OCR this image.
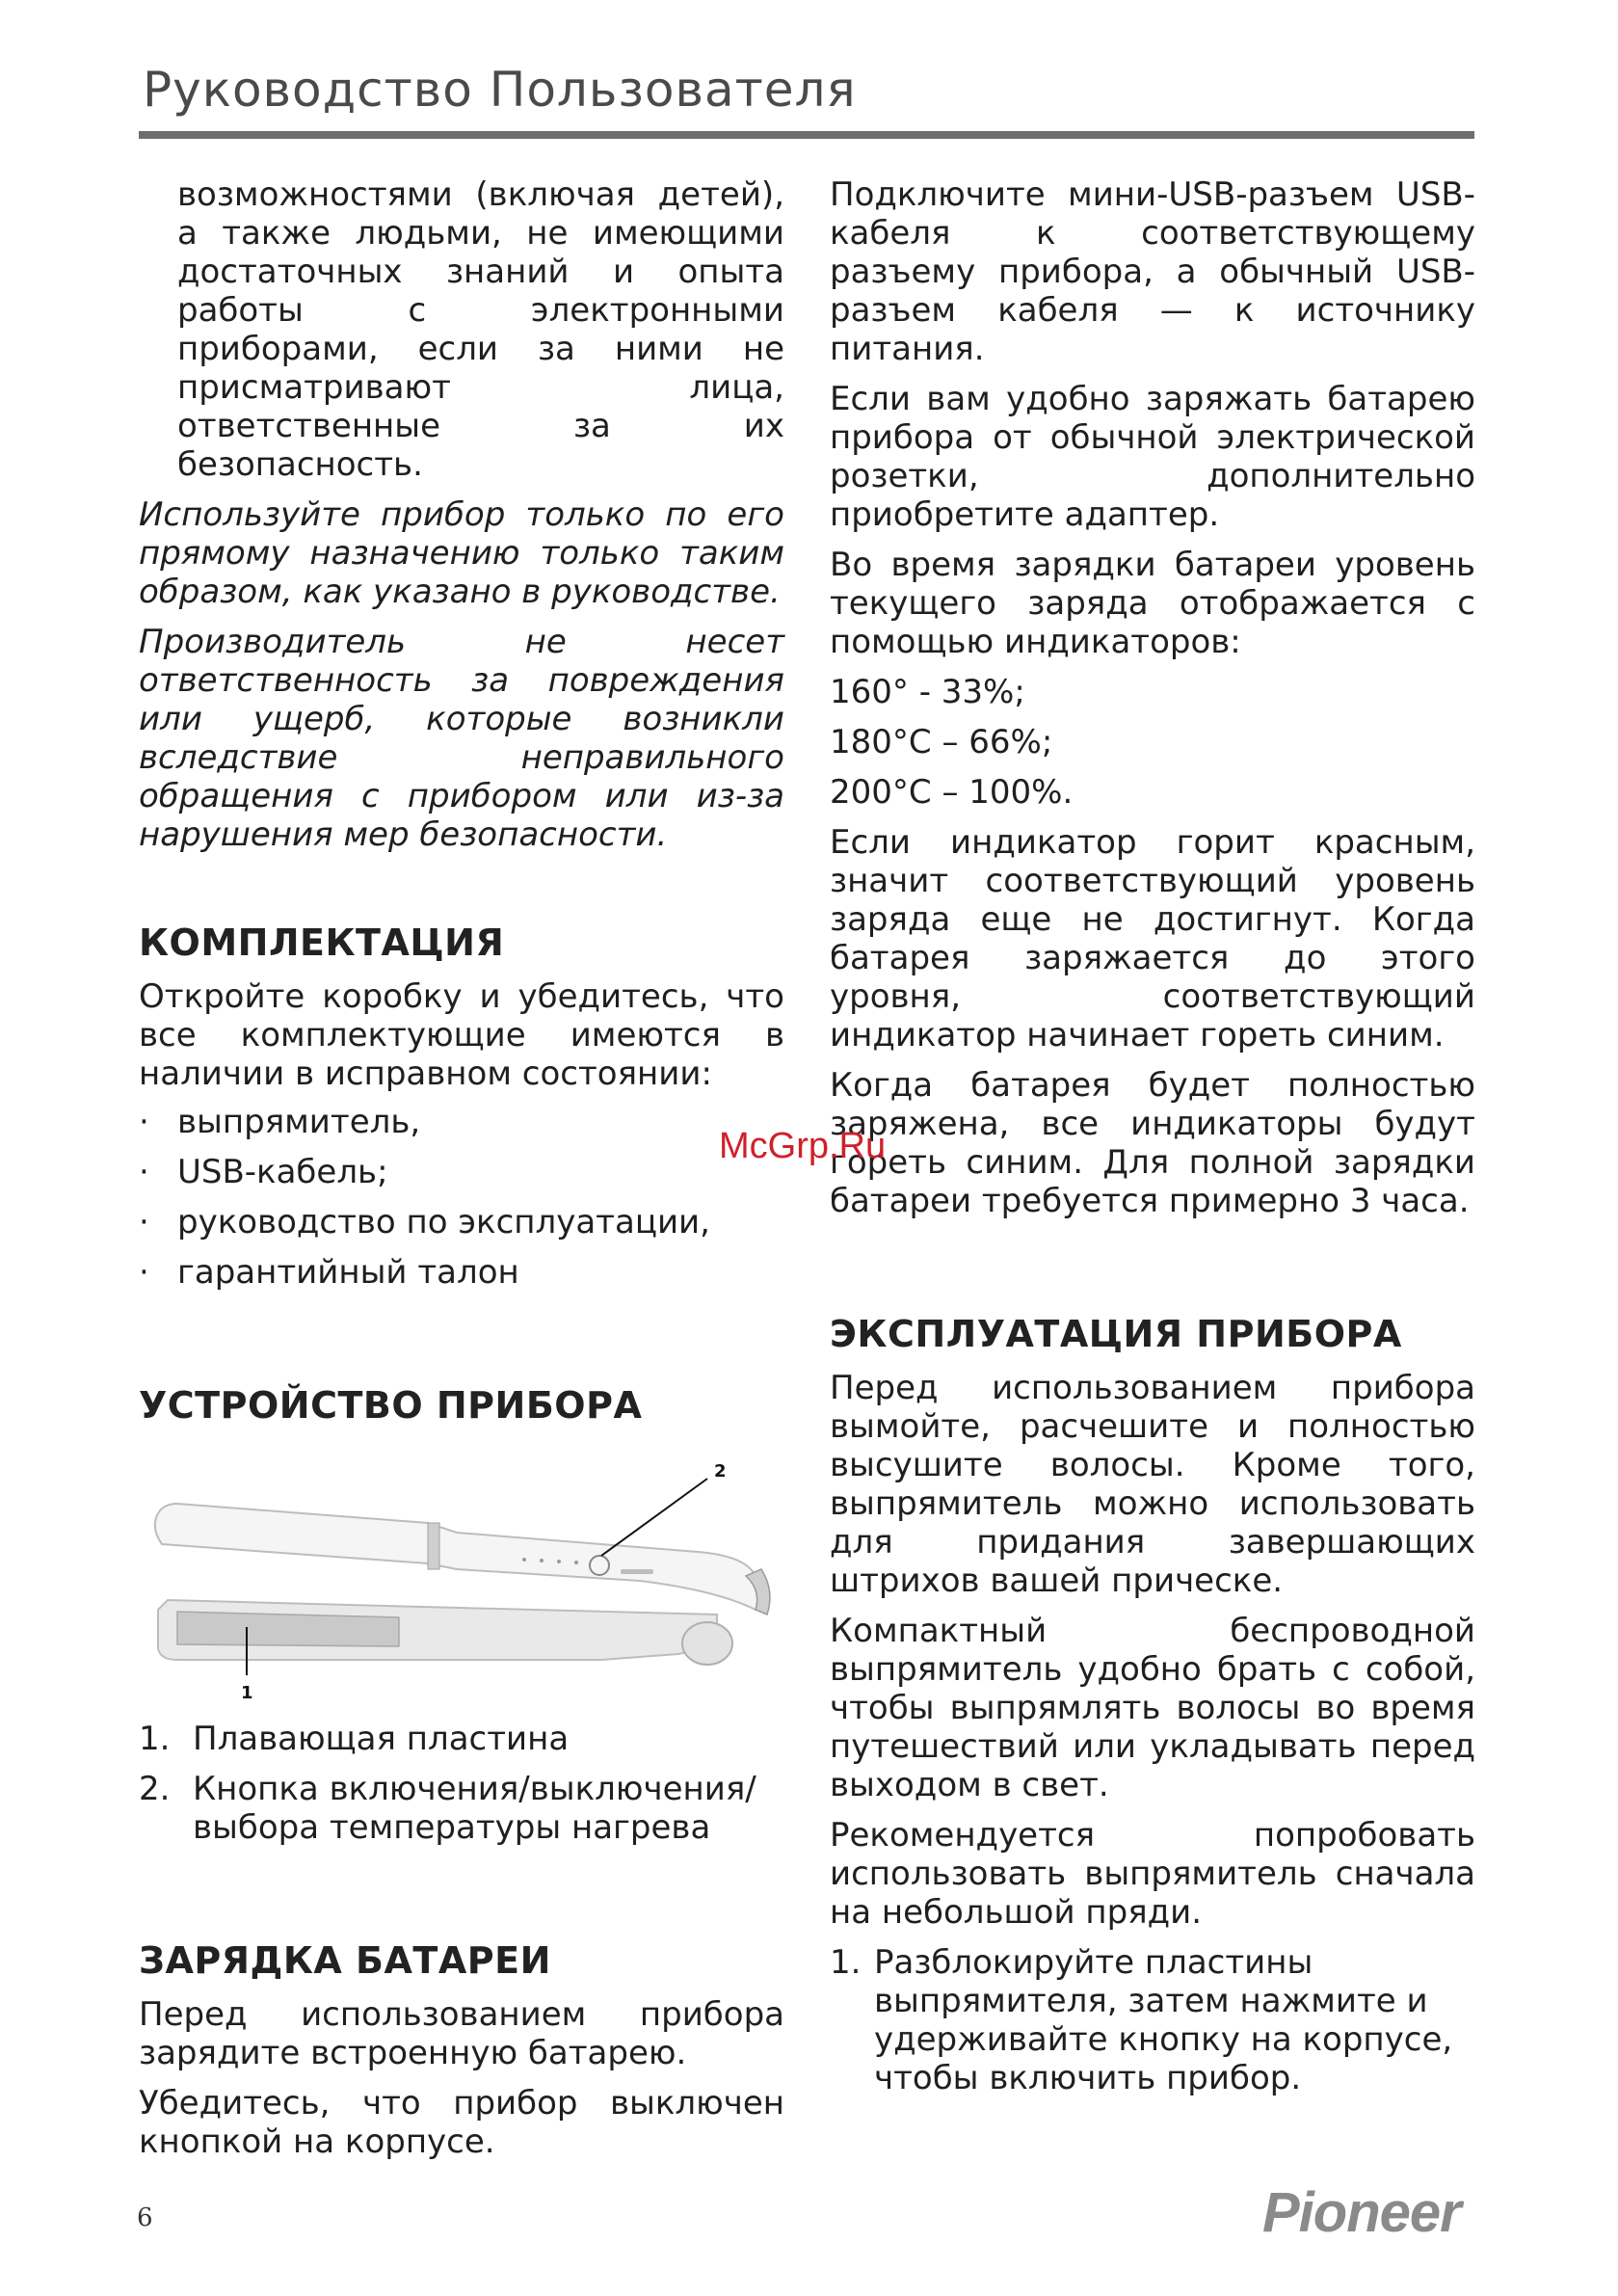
Руководство Пользователя

возможностями (включая детей), а также людьми, не имеющими достаточных знаний и опыта работы с электронными приборами, если за ними не присматривают лица, ответственные за их безопасность.

Используйте прибор только по его прямому назначению только таким образом, как указано в руководстве.

Производитель не несет ответственность за повреждения или ущерб, которые возникли вследствие неправильного обращения с прибором или из-за нарушения мер безопасности.

КОМПЛЕКТАЦИЯ

Откройте коробку и убедитесь, что все комплектующие имеются в наличии в исправном состоянии:

· выпрямитель,
· USB-кабель;
· руководство по эксплуатации,
· гарантийный талон
УСТРОЙСТВО ПРИБОРА
2
1
1. Плавающая пластина
2. Кнопка включения/выключения/ выбора температуры нагрева
ЗАРЯДКА БАТАРЕИ

Перед использованием прибора зарядите встроенную батарею.

Убедитесь, что прибор выключен кнопкой на корпусе.

Подключите мини-USB-разъем USB-кабеля к соответствующему разъему прибора, а обычный USB-разъем кабеля — к источнику питания.

Если вам удобно заряжать батарею прибора от обычной электрической розетки, дополнительно приобретите адаптер.

Во время зарядки батареи уровень текущего заряда отображается с помощью индикаторов:

160° - 33%;

180°C – 66%;

200°C – 100%.

Если индикатор горит красным, значит соответствующий уровень заряда еще не достигнут. Когда батарея заряжается до этого уровня, соответствующий индикатор начинает гореть синим.

Когда батарея будет полностью заряжена, все индикаторы будут гореть синим. Для полной зарядки батареи требуется примерно 3 часа.

ЭКСПЛУАТАЦИЯ ПРИБОРА

Перед использованием прибора вымойте, расчешите и полностью высушите волосы. Кроме того, выпрямитель можно использовать для придания завершающих штрихов вашей прическе.

Компактный беспроводной выпрямитель удобно брать с собой, чтобы выпрямлять волосы во время путешествий или укладывать перед выходом в свет.

Рекомендуется попробовать использовать выпрямитель сначала на небольшой пряди.

1. Разблокируйте пластины выпрямителя, затем нажмите и удерживайте кнопку на корпусе, чтобы включить прибор.
McGrp.Ru
6	Pioneer
